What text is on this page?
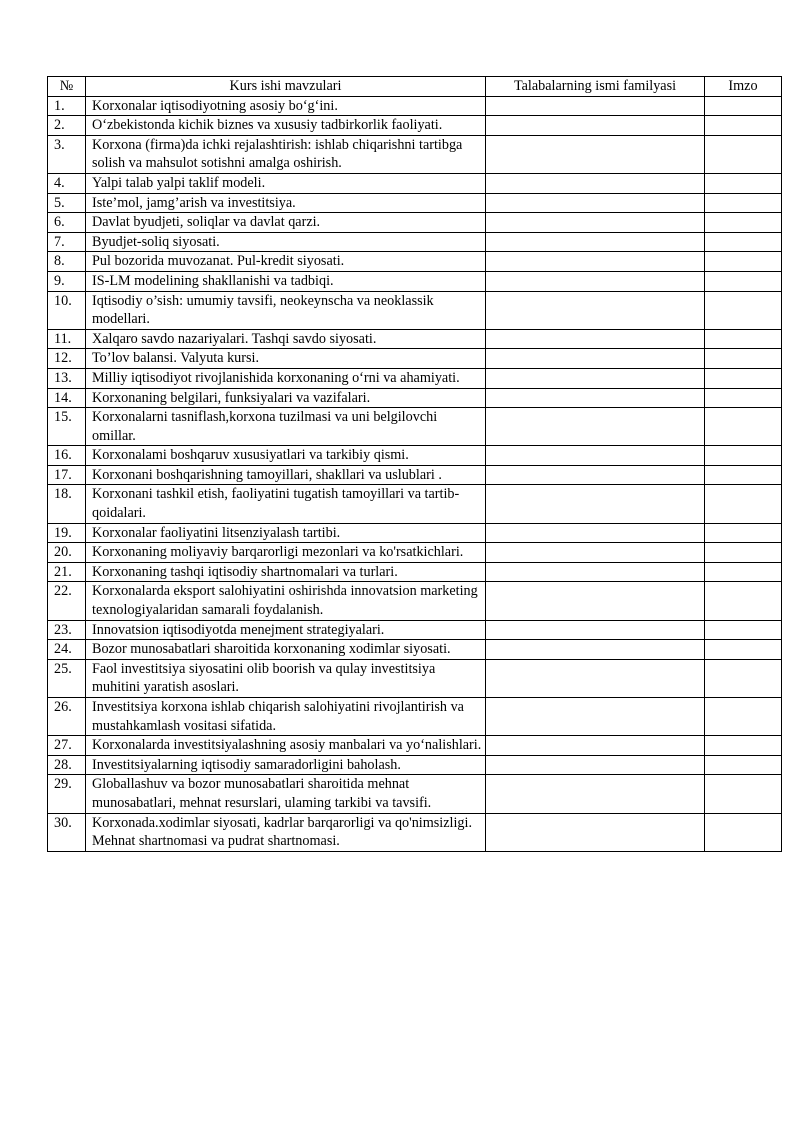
№	Kurs ishi mavzulari	Talabalarning ismi familyasi	Imzo
1.	Korxonalar iqtisodiyotning asosiy bo‘g‘ini.		
2.	O‘zbekistonda kichik biznes va xususiy tadbirkorlik faoliyati.		
3.	Korxona (firma)da ichki rejalashtirish: ishlab chiqarishni tartibga solish va mahsulot sotishni amalga oshirish.		
4.	Yalpi talab yalpi taklif modeli.		
5.	Iste’mol, jamg’arish va investitsiya.		
6.	Davlat byudjeti, soliqlar va davlat qarzi.		
7.	Byudjet-soliq siyosati.		
8.	Pul bozorida muvozanat. Pul-kredit siyosati.		
9.	IS-LM modelining shakllanishi va tadbiqi.		
10.	Iqtisodiy o’sish: umumiy tavsifi, neokeynscha va neoklassik modellari.		
11.	Xalqaro savdo nazariyalari. Tashqi savdo siyosati.		
12.	To’lov balansi. Valyuta kursi.		
13.	Milliy iqtisodiyot rivojlanishida korxonaning o‘rni va ahamiyati.		
14.	Korxonaning belgilari, funksiyalari va vazifalari.		
15.	Korxonalarni tasniflash,korxona tuzilmasi va uni belgilovchi omillar.		
16.	Korxonalami boshqaruv xususiyatlari va tarkibiy qismi.		
17.	Korxonani boshqarishning tamoyillari, shakllari va uslublari .		
18.	Korxonani tashkil etish, faoliyatini tugatish tamoyillari va tartib-qoidalari.		
19.	Korxonalar faoliyatini litsenziyalash tartibi.		
20.	Korxonaning moliyaviy barqarorligi mezonlari va ko'rsatkichlari.		
21.	Korxonaning tashqi iqtisodiy shartnomalari va turlari.		
22.	Korxonalarda eksport salohiyatini oshirishda innovatsion marketing texnologiyalaridan samarali foydalanish.		
23.	Innovatsion iqtisodiyotda menejment strategiyalari.		
24.	Bozor munosabatlari sharoitida korxonaning xodimlar siyosati.		
25.	Faol investitsiya siyosatini olib boorish va qulay investitsiya muhitini yaratish asoslari.		
26.	Investitsiya korxona ishlab chiqarish salohiyatini rivojlantirish va mustahkamlash vositasi sifatida.		
27.	Korxonalarda investitsiyalashning asosiy manbalari va yo‘nalishlari.		
28.	Investitsiyalarning iqtisodiy samaradorligini baholash.		
29.	Globallashuv va bozor munosabatlari sharoitida mehnat munosabatlari, mehnat resurslari, ulaming tarkibi va tavsifi.		
30.	Korxonada.xodimlar siyosati, kadrlar barqarorligi va qo'nimsizligi. Mehnat shartnomasi va pudrat shartnomasi.		
